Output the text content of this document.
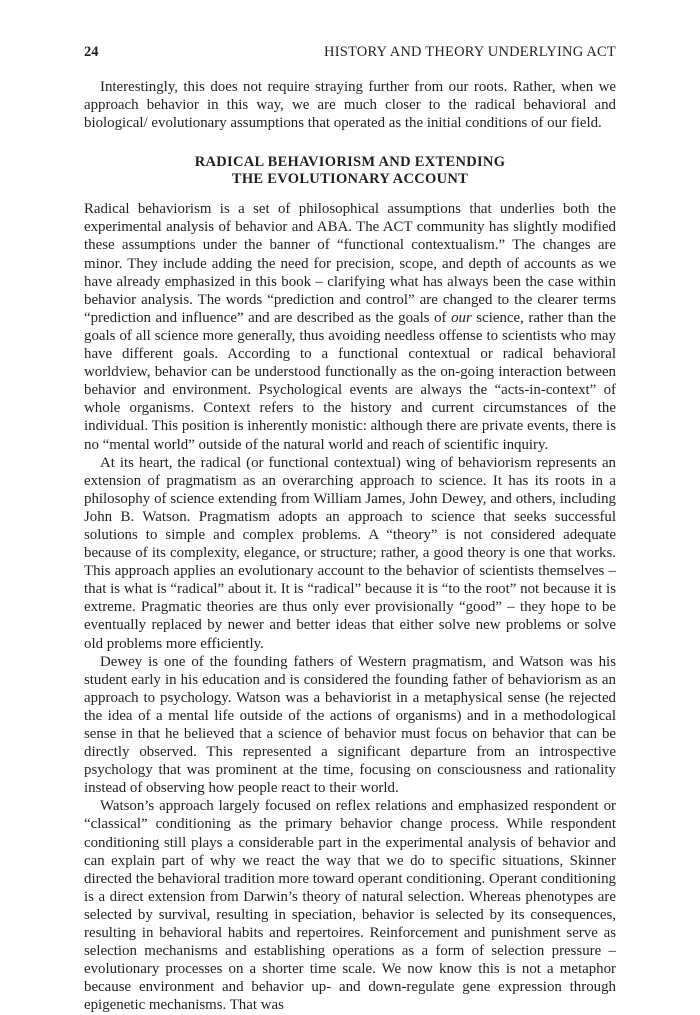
24	HISTORY AND THEORY UNDERLYING ACT

Interestingly, this does not require straying further from our roots. Rather, when we approach behavior in this way, we are much closer to the radical behavioral and biological/ evolutionary assumptions that operated as the initial conditions of our field.

RADICAL BEHAVIORISM AND EXTENDING
THE EVOLUTIONARY ACCOUNT

Radical behaviorism is a set of philosophical assumptions that underlies both the experimental analysis of behavior and ABA. The ACT community has slightly modified these assumptions under the banner of “functional contextualism.” The changes are minor. They include adding the need for precision, scope, and depth of accounts as we have already emphasized in this book – clarifying what has always been the case within behavior analysis. The words “prediction and control” are changed to the clearer terms “prediction and influence” and are described as the goals of our science, rather than the goals of all science more generally, thus avoiding needless offense to scientists who may have different goals. According to a functional contextual or radical behavioral worldview, behavior can be understood functionally as the on-going interaction between behavior and environment. Psychological events are always the “acts-in-context” of whole organisms. Context refers to the history and current circumstances of the individual. This position is inherently monistic: although there are private events, there is no “mental world” outside of the natural world and reach of scientific inquiry.

At its heart, the radical (or functional contextual) wing of behaviorism represents an extension of pragmatism as an overarching approach to science. It has its roots in a philosophy of science extending from William James, John Dewey, and others, including John B. Watson. Pragmatism adopts an approach to science that seeks successful solutions to simple and complex problems. A “theory” is not considered adequate because of its complexity, elegance, or structure; rather, a good theory is one that works. This approach applies an evolutionary account to the behavior of scientists themselves – that is what is “radical” about it. It is “radical” because it is “to the root” not because it is extreme. Pragmatic theories are thus only ever provisionally “good” – they hope to be eventually replaced by newer and better ideas that either solve new problems or solve old problems more efficiently.

Dewey is one of the founding fathers of Western pragmatism, and Watson was his student early in his education and is considered the founding father of behaviorism as an approach to psychology. Watson was a behaviorist in a metaphysical sense (he rejected the idea of a mental life outside of the actions of organisms) and in a methodological sense in that he believed that a science of behavior must focus on behavior that can be directly observed. This represented a significant departure from an introspective psychology that was prominent at the time, focusing on consciousness and rationality instead of observing how people react to their world.

Watson’s approach largely focused on reflex relations and emphasized respondent or “classical” conditioning as the primary behavior change process. While respondent conditioning still plays a considerable part in the experimental analysis of behavior and can explain part of why we react the way that we do to specific situations, Skinner directed the behavioral tradition more toward operant conditioning. Operant conditioning is a direct extension from Darwin’s theory of natural selection. Whereas phenotypes are selected by survival, resulting in speciation, behavior is selected by its consequences, resulting in behavioral habits and repertoires. Reinforcement and punishment serve as selection mechanisms and establishing operations as a form of selection pressure – evolutionary processes on a shorter time scale. We now know this is not a metaphor because environment and behavior up- and down-regulate gene expression through epigenetic mechanisms. That was
